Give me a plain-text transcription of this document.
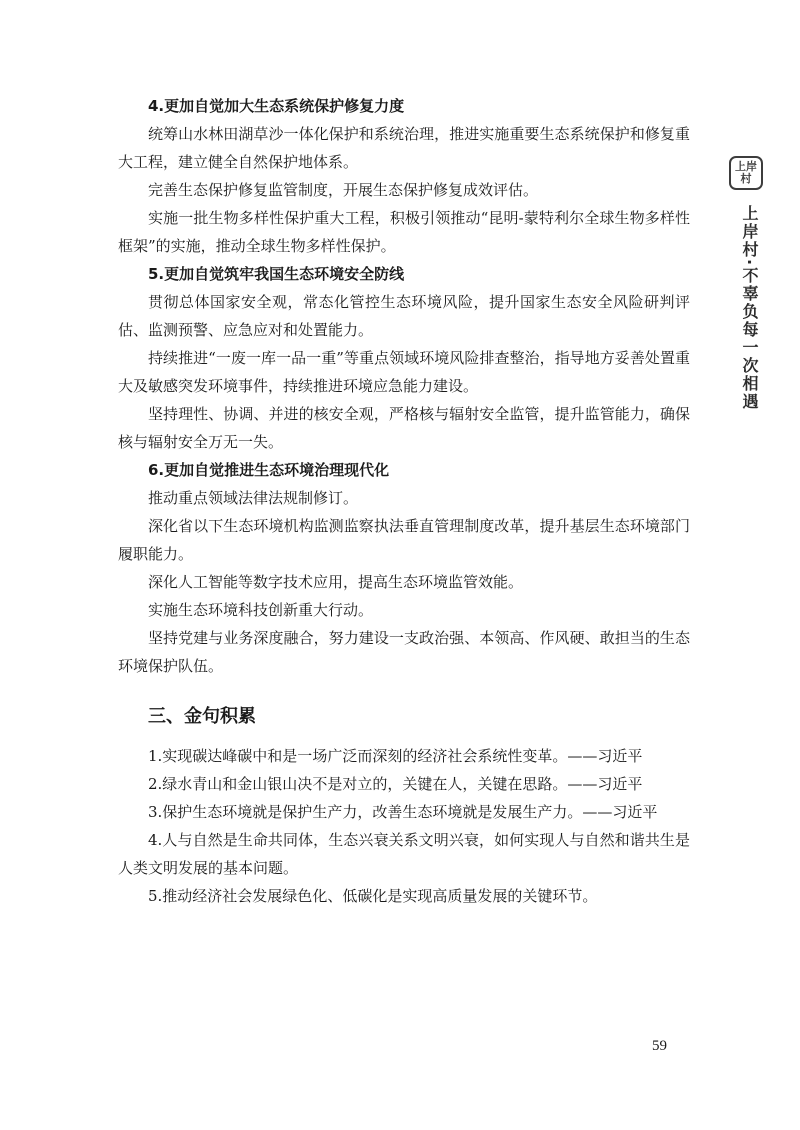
4.更加自觉加大生态系统保护修复力度

统筹山水林田湖草沙一体化保护和系统治理，推进实施重要生态系统保护和修复重大工程，建立健全自然保护地体系。

完善生态保护修复监管制度，开展生态保护修复成效评估。

实施一批生物多样性保护重大工程，积极引领推动“昆明-蒙特利尔全球生物多样性框架”的实施，推动全球生物多样性保护。

5.更加自觉筑牢我国生态环境安全防线

贯彻总体国家安全观，常态化管控生态环境风险，提升国家生态安全风险研判评估、监测预警、应急应对和处置能力。

持续推进“一废一库一品一重”等重点领域环境风险排查整治，指导地方妥善处置重大及敏感突发环境事件，持续推进环境应急能力建设。

坚持理性、协调、并进的核安全观，严格核与辐射安全监管，提升监管能力，确保核与辐射安全万无一失。

6.更加自觉推进生态环境治理现代化

推动重点领域法律法规制修订。

深化省以下生态环境机构监测监察执法垂直管理制度改革，提升基层生态环境部门履职能力。

深化人工智能等数字技术应用，提高生态环境监管效能。

实施生态环境科技创新重大行动。

坚持党建与业务深度融合，努力建设一支政治强、本领高、作风硬、敢担当的生态环境保护队伍。

三、金句积累

1.实现碳达峰碳中和是一场广泛而深刻的经济社会系统性变革。——习近平

2.绿水青山和金山银山决不是对立的，关键在人，关键在思路。——习近平

3.保护生态环境就是保护生产力，改善生态环境就是发展生产力。——习近平

4.人与自然是生命共同体，生态兴衰关系文明兴衰，如何实现人与自然和谐共生是人类文明发展的基本问题。

5.推动经济社会发展绿色化、低碳化是实现高质量发展的关键环节。

上岸村
上岸村·不辜负每一次相遇
59
